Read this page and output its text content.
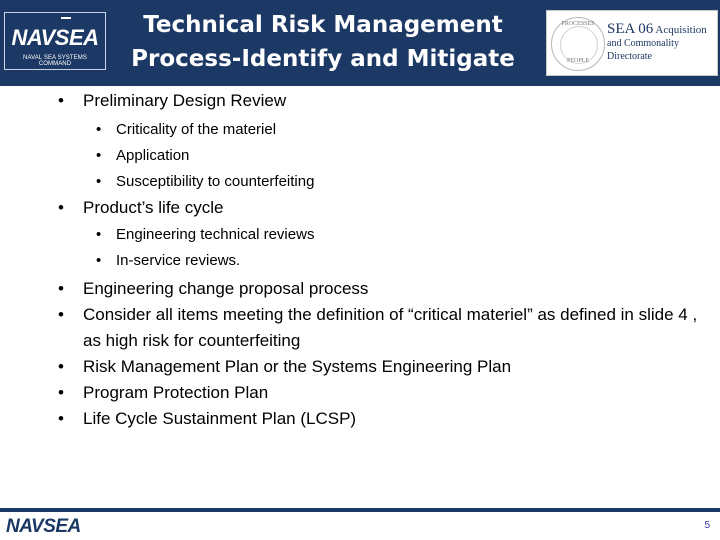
NAVSEA
NAVAL SEA SYSTEMS COMMAND
Technical Risk Management
Process-Identify and Mitigate
PROCESSES
PEOPLE
SEA 06 Acquisition
and Commonality Directorate
• Preliminary Design Review
• Criticality of the materiel
• Application
• Susceptibility to counterfeiting
• Product’s life cycle
• Engineering technical reviews
• In-service reviews.
• Engineering change proposal process
• Consider all items meeting the definition of “critical materiel” as defined in slide 4 , as high risk for counterfeiting
• Risk Management Plan or the Systems Engineering Plan
• Program Protection Plan
• Life Cycle Sustainment Plan (LCSP)
NAVSEA	5
